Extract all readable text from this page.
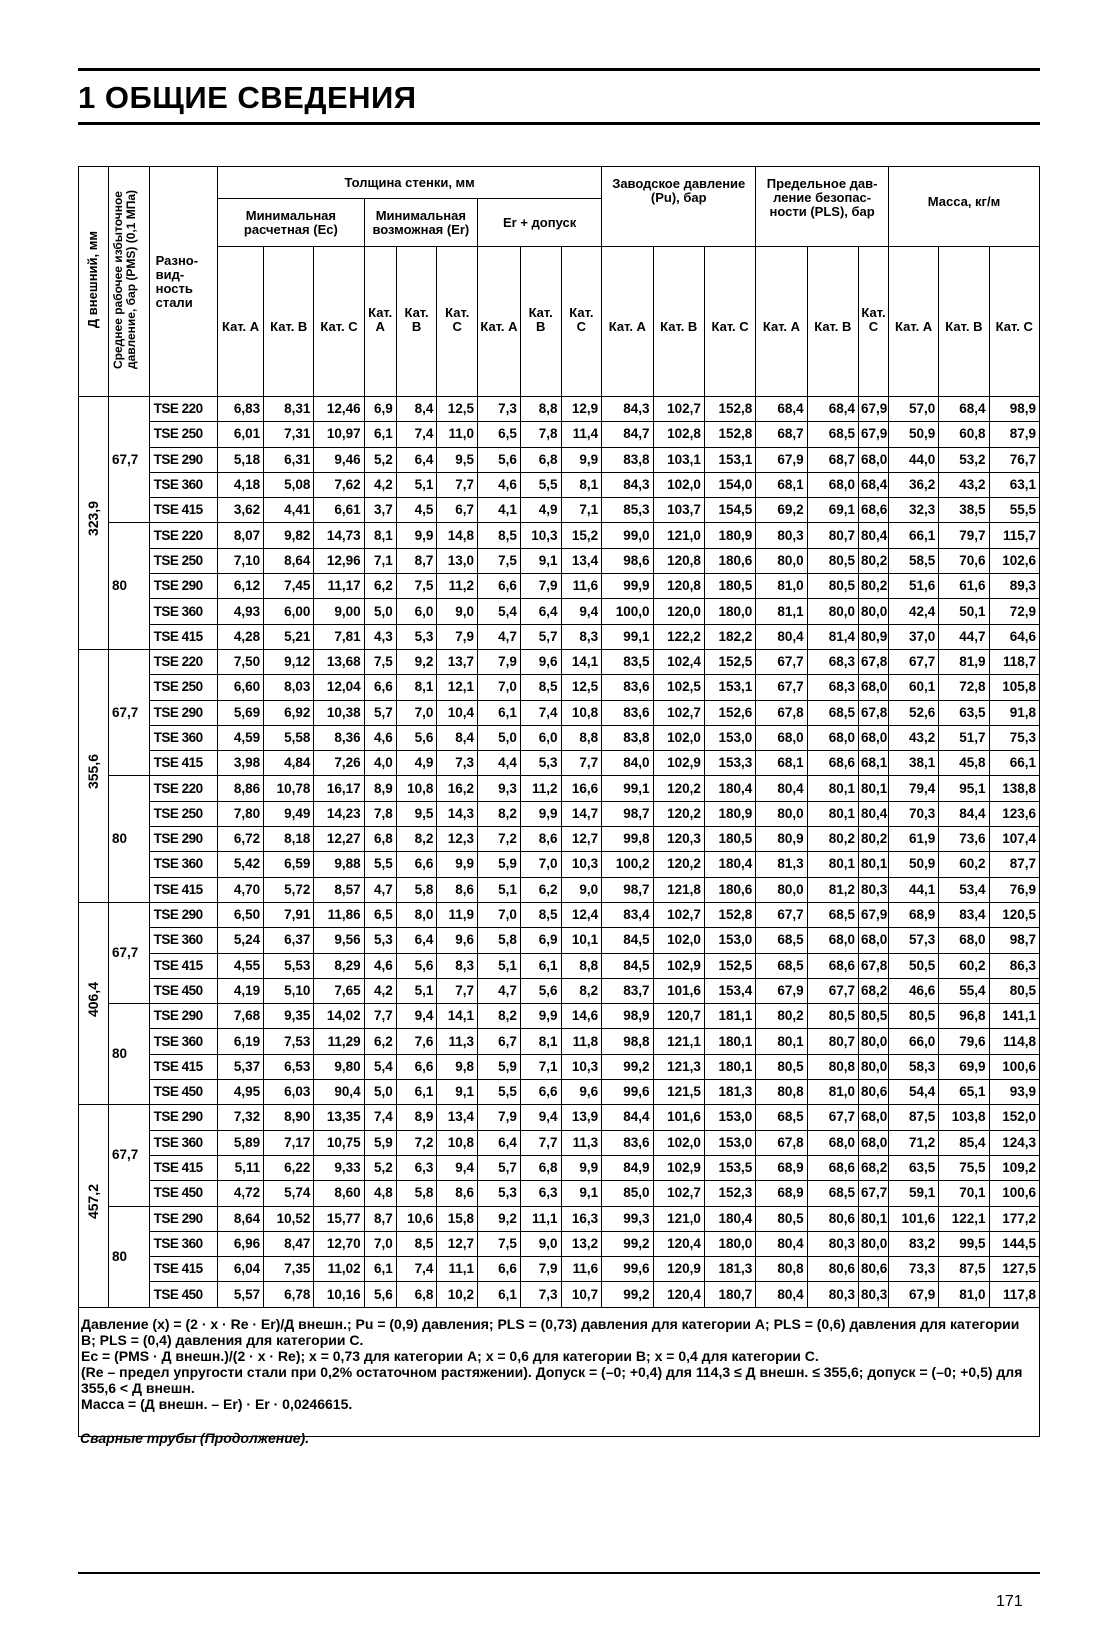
1 ОБЩИЕ СВЕДЕНИЯ
Д внешний, мм	Среднее рабочее избыточное давление, бар (PMS) (0,1 МПа)	Разно-вид-ность стали	Толщина стенки, мм									Заводское давление (Pu), бар			Предельное дав-ление безопас-ности (PLS), бар			Масса, кг/м		
			Минимальная расчетная (Ec)			Минимальная возможная (Er)			Er + допуск											
			Кат. А	Кат. В	Кат. С	Кат. А	Кат. В	Кат. С	Кат. А	Кат. В	Кат. С	Кат. А	Кат. В	Кат. С	Кат. А	Кат. В	Кат. С	Кат. А	Кат. В	Кат. С
323,9	67,7	TSE 220	6,83	8,31	12,46	6,9	8,4	12,5	7,3	8,8	12,9	84,3	102,7	152,8	68,4	68,4	67,9	57,0	68,4	98,9
		TSE 250	6,01	7,31	10,97	6,1	7,4	11,0	6,5	7,8	11,4	84,7	102,8	152,8	68,7	68,5	67,9	50,9	60,8	87,9
		TSE 290	5,18	6,31	9,46	5,2	6,4	9,5	5,6	6,8	9,9	83,8	103,1	153,1	67,9	68,7	68,0	44,0	53,2	76,7
		TSE 360	4,18	5,08	7,62	4,2	5,1	7,7	4,6	5,5	8,1	84,3	102,0	154,0	68,1	68,0	68,4	36,2	43,2	63,1
		TSE 415	3,62	4,41	6,61	3,7	4,5	6,7	4,1	4,9	7,1	85,3	103,7	154,5	69,2	69,1	68,6	32,3	38,5	55,5
	80	TSE 220	8,07	9,82	14,73	8,1	9,9	14,8	8,5	10,3	15,2	99,0	121,0	180,9	80,3	80,7	80,4	66,1	79,7	115,7
		TSE 250	7,10	8,64	12,96	7,1	8,7	13,0	7,5	9,1	13,4	98,6	120,8	180,6	80,0	80,5	80,2	58,5	70,6	102,6
		TSE 290	6,12	7,45	11,17	6,2	7,5	11,2	6,6	7,9	11,6	99,9	120,8	180,5	81,0	80,5	80,2	51,6	61,6	89,3
		TSE 360	4,93	6,00	9,00	5,0	6,0	9,0	5,4	6,4	9,4	100,0	120,0	180,0	81,1	80,0	80,0	42,4	50,1	72,9
		TSE 415	4,28	5,21	7,81	4,3	5,3	7,9	4,7	5,7	8,3	99,1	122,2	182,2	80,4	81,4	80,9	37,0	44,7	64,6
355,6	67,7	TSE 220	7,50	9,12	13,68	7,5	9,2	13,7	7,9	9,6	14,1	83,5	102,4	152,5	67,7	68,3	67,8	67,7	81,9	118,7
		TSE 250	6,60	8,03	12,04	6,6	8,1	12,1	7,0	8,5	12,5	83,6	102,5	153,1	67,7	68,3	68,0	60,1	72,8	105,8
		TSE 290	5,69	6,92	10,38	5,7	7,0	10,4	6,1	7,4	10,8	83,6	102,7	152,6	67,8	68,5	67,8	52,6	63,5	91,8
		TSE 360	4,59	5,58	8,36	4,6	5,6	8,4	5,0	6,0	8,8	83,8	102,0	153,0	68,0	68,0	68,0	43,2	51,7	75,3
		TSE 415	3,98	4,84	7,26	4,0	4,9	7,3	4,4	5,3	7,7	84,0	102,9	153,3	68,1	68,6	68,1	38,1	45,8	66,1
	80	TSE 220	8,86	10,78	16,17	8,9	10,8	16,2	9,3	11,2	16,6	99,1	120,2	180,4	80,4	80,1	80,1	79,4	95,1	138,8
		TSE 250	7,80	9,49	14,23	7,8	9,5	14,3	8,2	9,9	14,7	98,7	120,2	180,9	80,0	80,1	80,4	70,3	84,4	123,6
		TSE 290	6,72	8,18	12,27	6,8	8,2	12,3	7,2	8,6	12,7	99,8	120,3	180,5	80,9	80,2	80,2	61,9	73,6	107,4
		TSE 360	5,42	6,59	9,88	5,5	6,6	9,9	5,9	7,0	10,3	100,2	120,2	180,4	81,3	80,1	80,1	50,9	60,2	87,7
		TSE 415	4,70	5,72	8,57	4,7	5,8	8,6	5,1	6,2	9,0	98,7	121,8	180,6	80,0	81,2	80,3	44,1	53,4	76,9
406,4	67,7	TSE 290	6,50	7,91	11,86	6,5	8,0	11,9	7,0	8,5	12,4	83,4	102,7	152,8	67,7	68,5	67,9	68,9	83,4	120,5
		TSE 360	5,24	6,37	9,56	5,3	6,4	9,6	5,8	6,9	10,1	84,5	102,0	153,0	68,5	68,0	68,0	57,3	68,0	98,7
		TSE 415	4,55	5,53	8,29	4,6	5,6	8,3	5,1	6,1	8,8	84,5	102,9	152,5	68,5	68,6	67,8	50,5	60,2	86,3
		TSE 450	4,19	5,10	7,65	4,2	5,1	7,7	4,7	5,6	8,2	83,7	101,6	153,4	67,9	67,7	68,2	46,6	55,4	80,5
	80	TSE 290	7,68	9,35	14,02	7,7	9,4	14,1	8,2	9,9	14,6	98,9	120,7	181,1	80,2	80,5	80,5	80,5	96,8	141,1
		TSE 360	6,19	7,53	11,29	6,2	7,6	11,3	6,7	8,1	11,8	98,8	121,1	180,1	80,1	80,7	80,0	66,0	79,6	114,8
		TSE 415	5,37	6,53	9,80	5,4	6,6	9,8	5,9	7,1	10,3	99,2	121,3	180,1	80,5	80,8	80,0	58,3	69,9	100,6
		TSE 450	4,95	6,03	90,4	5,0	6,1	9,1	5,5	6,6	9,6	99,6	121,5	181,3	80,8	81,0	80,6	54,4	65,1	93,9
457,2	67,7	TSE 290	7,32	8,90	13,35	7,4	8,9	13,4	7,9	9,4	13,9	84,4	101,6	153,0	68,5	67,7	68,0	87,5	103,8	152,0
		TSE 360	5,89	7,17	10,75	5,9	7,2	10,8	6,4	7,7	11,3	83,6	102,0	153,0	67,8	68,0	68,0	71,2	85,4	124,3
		TSE 415	5,11	6,22	9,33	5,2	6,3	9,4	5,7	6,8	9,9	84,9	102,9	153,5	68,9	68,6	68,2	63,5	75,5	109,2
		TSE 450	4,72	5,74	8,60	4,8	5,8	8,6	5,3	6,3	9,1	85,0	102,7	152,3	68,9	68,5	67,7	59,1	70,1	100,6
	80	TSE 290	8,64	10,52	15,77	8,7	10,6	15,8	9,2	11,1	16,3	99,3	121,0	180,4	80,5	80,6	80,1	101,6	122,1	177,2
		TSE 360	6,96	8,47	12,70	7,0	8,5	12,7	7,5	9,0	13,2	99,2	120,4	180,0	80,4	80,3	80,0	83,2	99,5	144,5
		TSE 415	6,04	7,35	11,02	6,1	7,4	11,1	6,6	7,9	11,6	99,6	120,9	181,3	80,8	80,6	80,6	73,3	87,5	127,5
		TSE 450	5,57	6,78	10,16	5,6	6,8	10,2	6,1	7,3	10,7	99,2	120,4	180,7	80,4	80,3	80,3	67,9	81,0	117,8
Давление (x) = (2 · x · Re · Er)/Д внешн.; Pu = (0,9) давления; PLS = (0,73) давления для категории А; PLS = (0,6) давления для категории В; PLS = (0,4) давления для категории С.
Ec = (PMS · Д внешн.)/(2 · x · Re); x = 0,73 для категории А; x = 0,6 для категории В; x = 0,4 для категории С.
(Re – предел упругости стали при 0,2% остаточном растяжении). Допуск = (–0; +0,4) для 114,3 ≤ Д внешн. ≤ 355,6; допуск = (–0; +0,5) для 355,6 < Д внешн.
Масса = (Д внешн. – Er) · Er · 0,0246615.
Сварные трубы (Продолжение).
171
